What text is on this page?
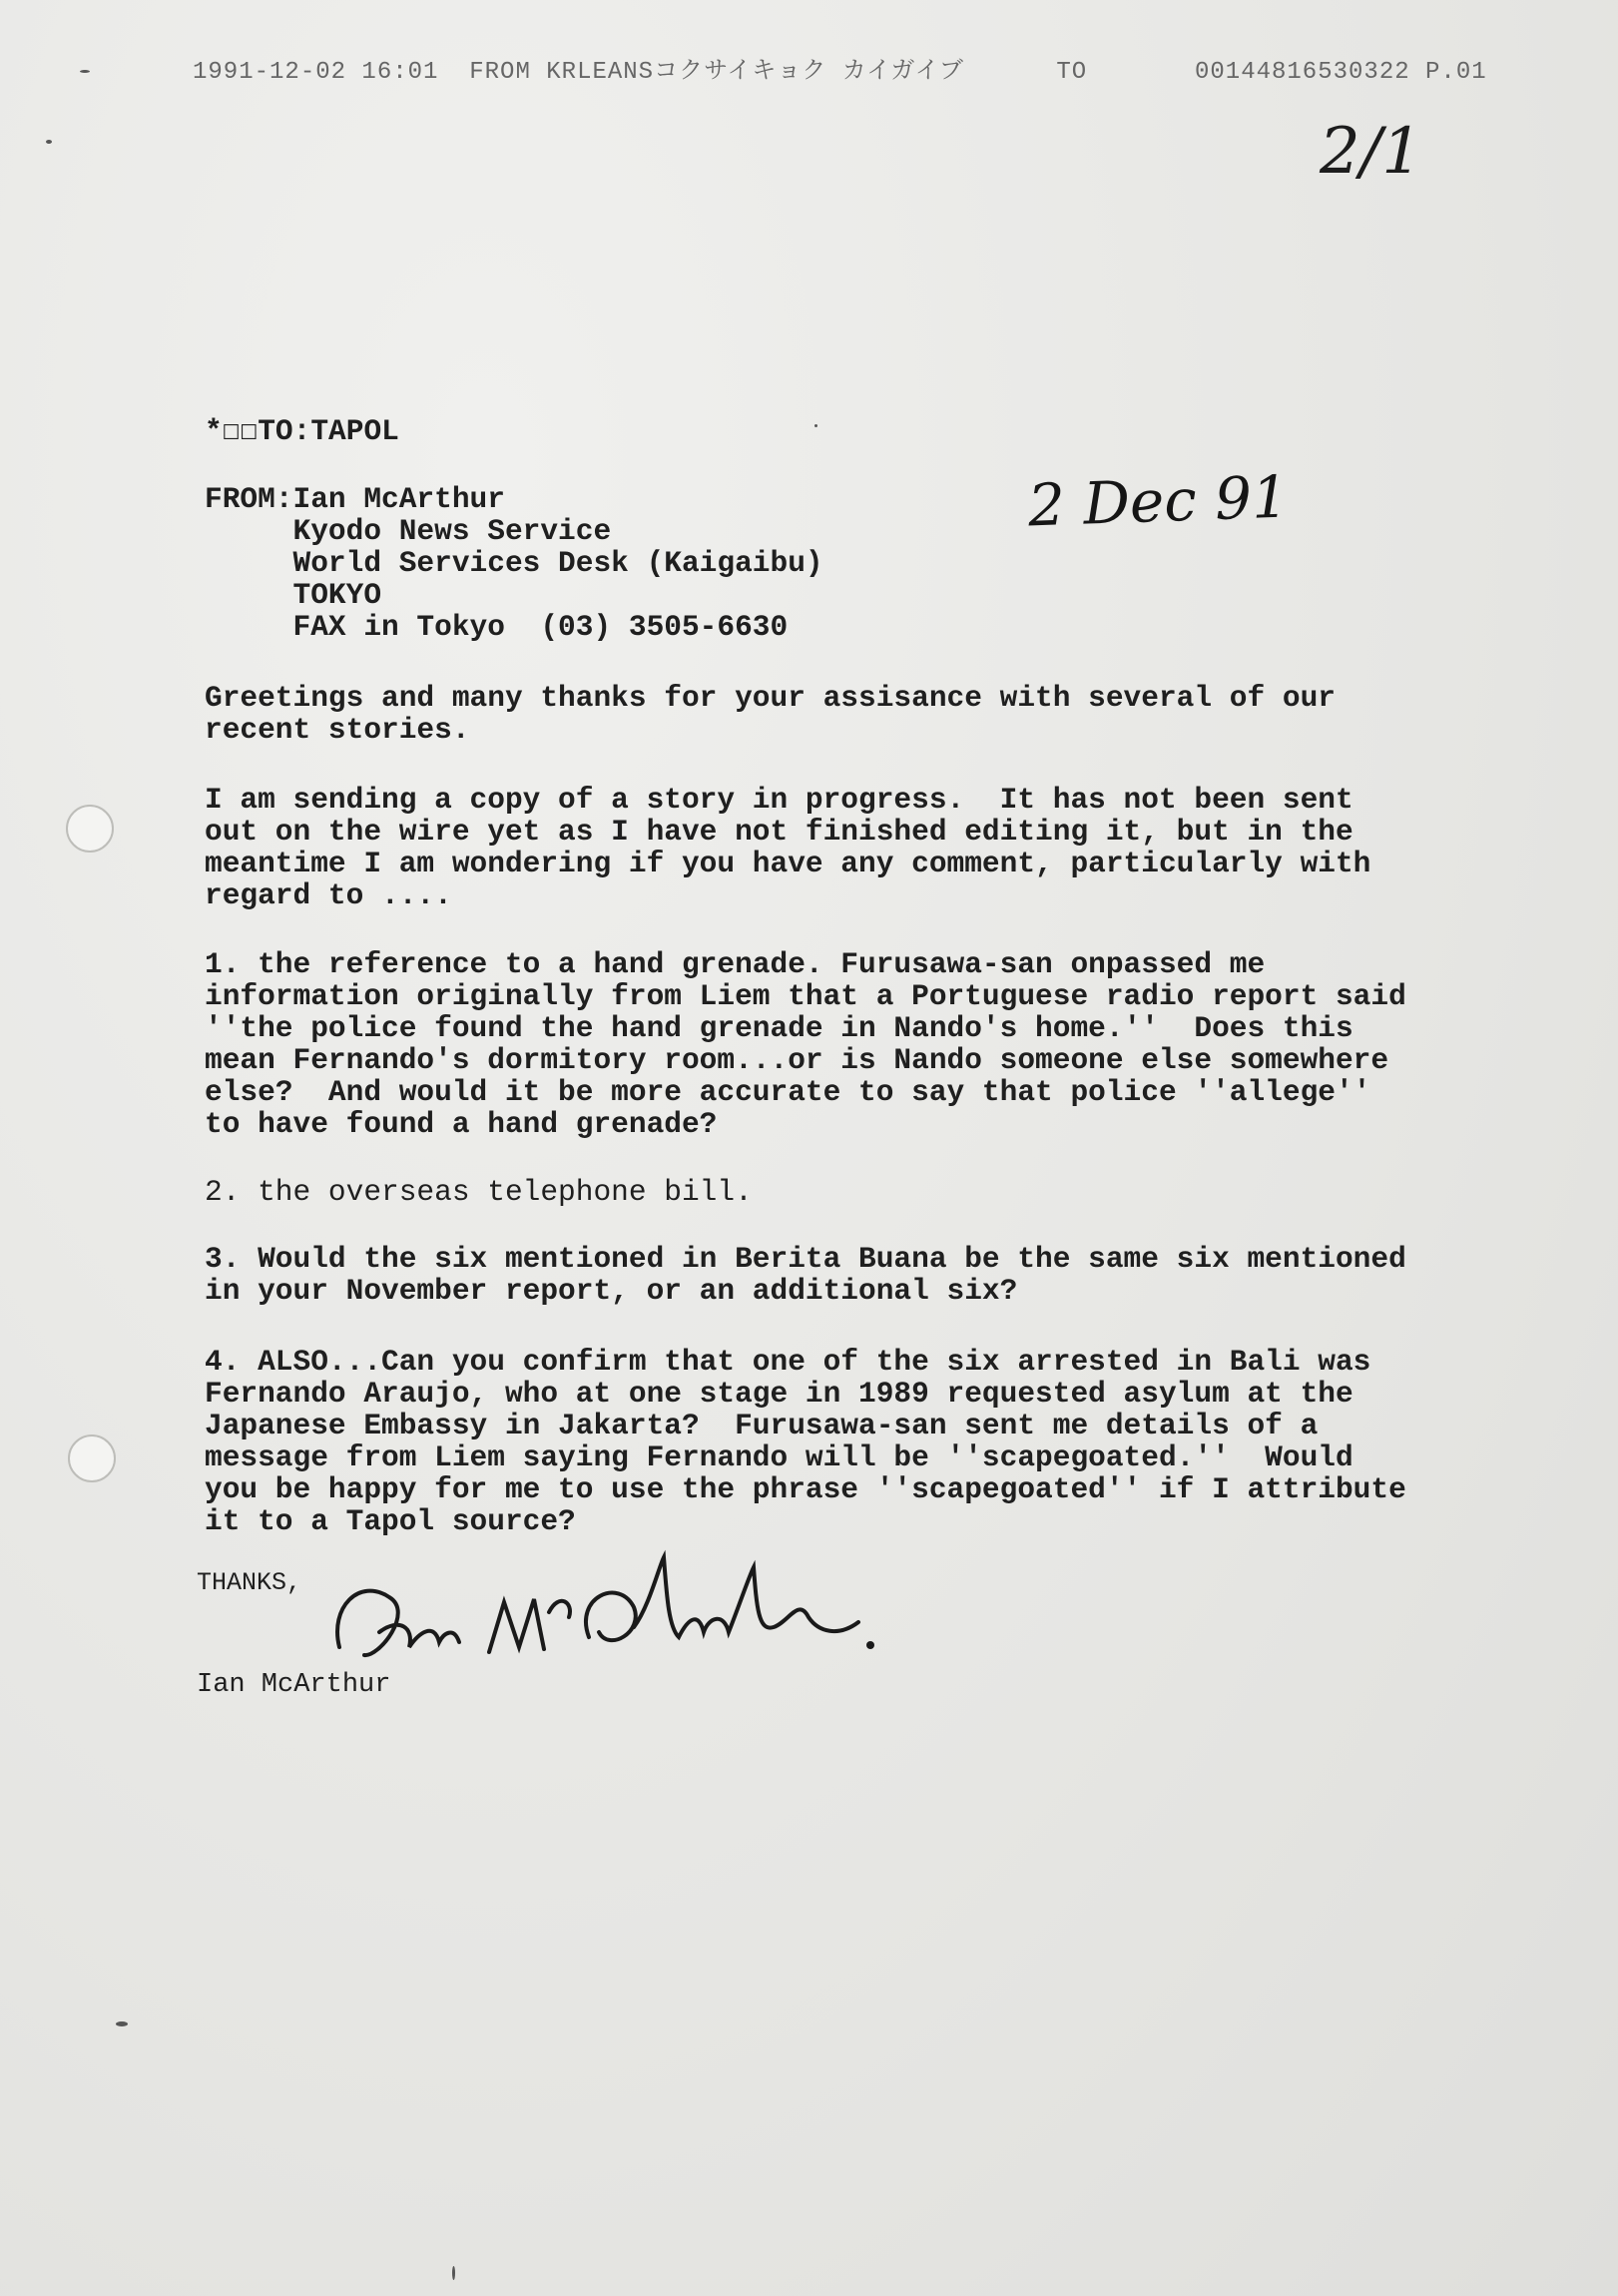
1991-12-02 16:01 FROM KRLEANSコクサイキョク カイガイブ	TO	00144816530322 P.01
2/1
2 Dec 91
*☐☐TO:TAPOL
FROM:Ian McArthur
Kyodo News Service
World Services Desk (Kaigaibu)
TOKYO
FAX in Tokyo  (03) 3505-6630
Greetings and many thanks for your assisance with several of our
recent stories.
I am sending a copy of a story in progress.  It has not been sent
out on the wire yet as I have not finished editing it, but in the
meantime I am wondering if you have any comment, particularly with
regard to ....
1. the reference to a hand grenade. Furusawa-san onpassed me
information originally from Liem that a Portuguese radio report said
''the police found the hand grenade in Nando's home.''  Does this
mean Fernando's dormitory room...or is Nando someone else somewhere
else?  And would it be more accurate to say that police ''allege''
to have found a hand grenade?
2. the overseas telephone bill.
3. Would the six mentioned in Berita Buana be the same six mentioned
in your November report, or an additional six?
4. ALSO...Can you confirm that one of the six arrested in Bali was
Fernando Araujo, who at one stage in 1989 requested asylum at the
Japanese Embassy in Jakarta?  Furusawa-san sent me details of a
message from Liem saying Fernando will be ''scapegoated.''  Would
you be happy for me to use the phrase ''scapegoated'' if I attribute
it to a Tapol source?
THANKS,
Ian McArthur
